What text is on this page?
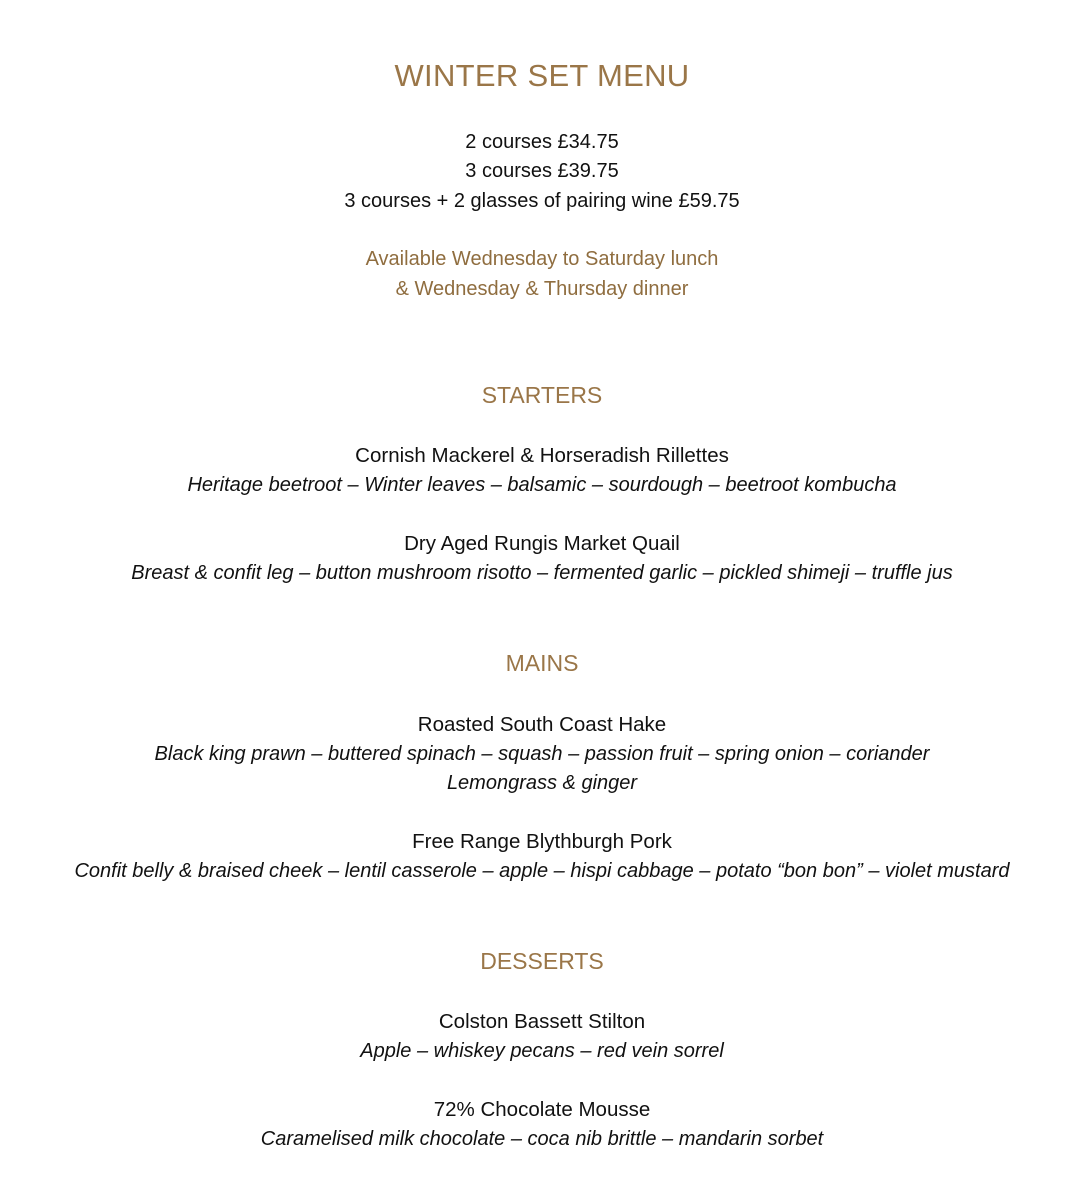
WINTER SET MENU
2 courses £34.75
3 courses £39.75
3 courses + 2 glasses of pairing wine £59.75
Available Wednesday to Saturday lunch
& Wednesday & Thursday dinner
STARTERS
Cornish Mackerel & Horseradish Rillettes
Heritage beetroot – Winter leaves – balsamic – sourdough – beetroot kombucha
Dry Aged Rungis Market Quail
Breast & confit leg – button mushroom risotto – fermented garlic – pickled shimeji – truffle jus
MAINS
Roasted South Coast Hake
Black king prawn – buttered spinach – squash – passion fruit – spring onion – coriander
Lemongrass & ginger
Free Range Blythburgh Pork
Confit belly & braised cheek – lentil casserole – apple – hispi cabbage – potato “bon bon” – violet mustard
DESSERTS
Colston Bassett Stilton
Apple – whiskey pecans – red vein sorrel
72% Chocolate Mousse
Caramelised milk chocolate – coca nib brittle – mandarin sorbet
